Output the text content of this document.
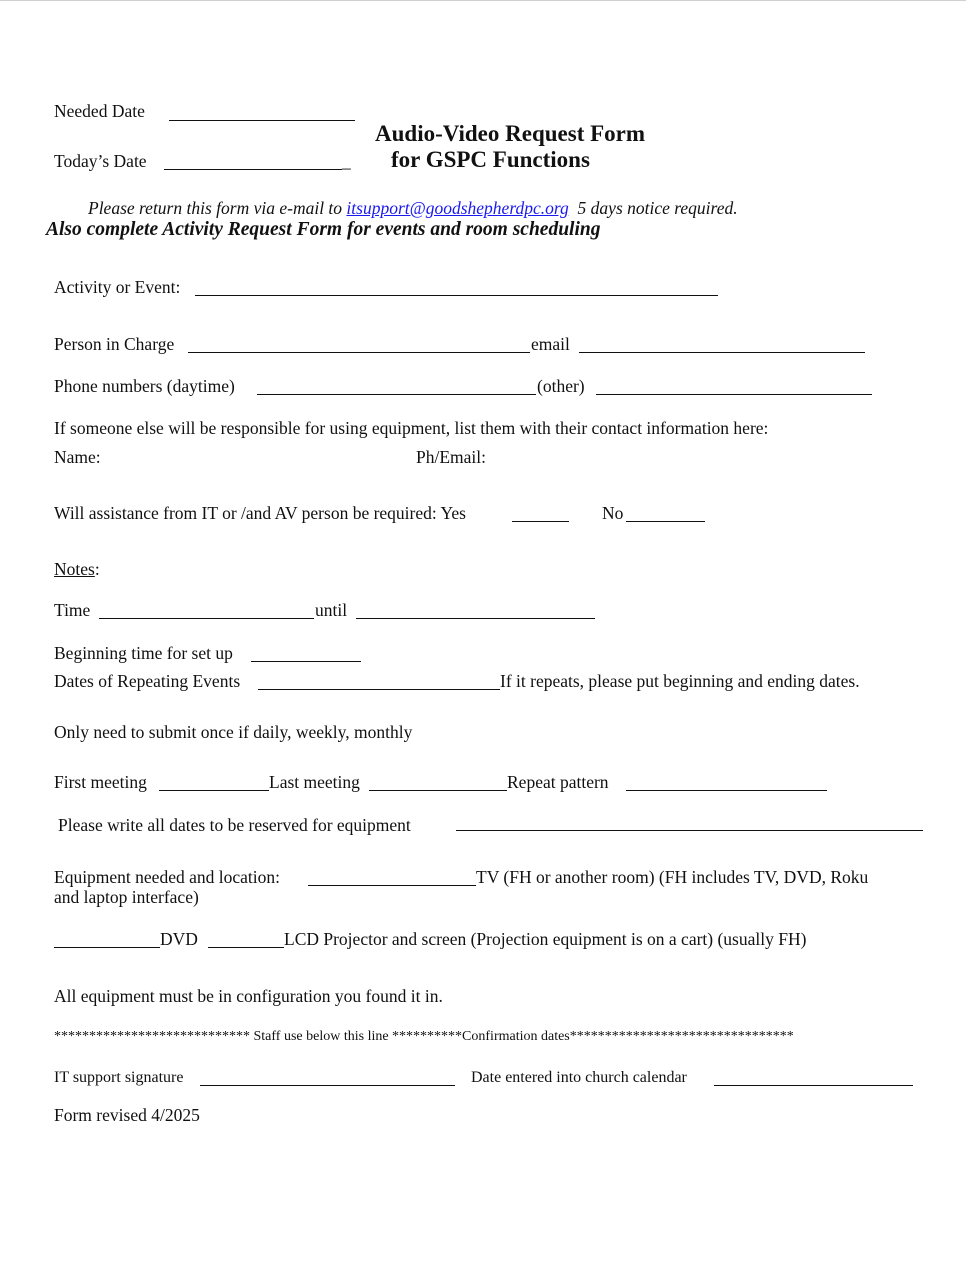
Needed Date
Today’s Date	_
Audio-Video Request Form
for GSPC Functions
Please return this form via e-mail to itsupport@goodshepherdpc.org 5 days notice required.
Also complete Activity Request Form for events and room scheduling
Activity or Event:
Person in Charge	email
Phone numbers (daytime)	(other)
If someone else will be responsible for using equipment, list them with their contact information here:
Name:	Ph/Email:
Will assistance from IT or /and AV person be required: Yes	No
Notes:
Time	until
Beginning time for set up
Dates of Repeating Events	If it repeats, please put beginning and ending dates.
Only need to submit once if daily, weekly, monthly
First meeting	Last meeting	Repeat pattern
Please write all dates to be reserved for equipment
Equipment needed and location:	TV (FH or another room) (FH includes TV, DVD, Roku
and laptop interface)
DVD	LCD Projector and screen (Projection equipment is on a cart) (usually FH)
All equipment must be in configuration you found it in.
**************************** Staff use below this line **********Confirmation dates********************************
IT support signature	Date entered into church calendar
Form revised 4/2025
